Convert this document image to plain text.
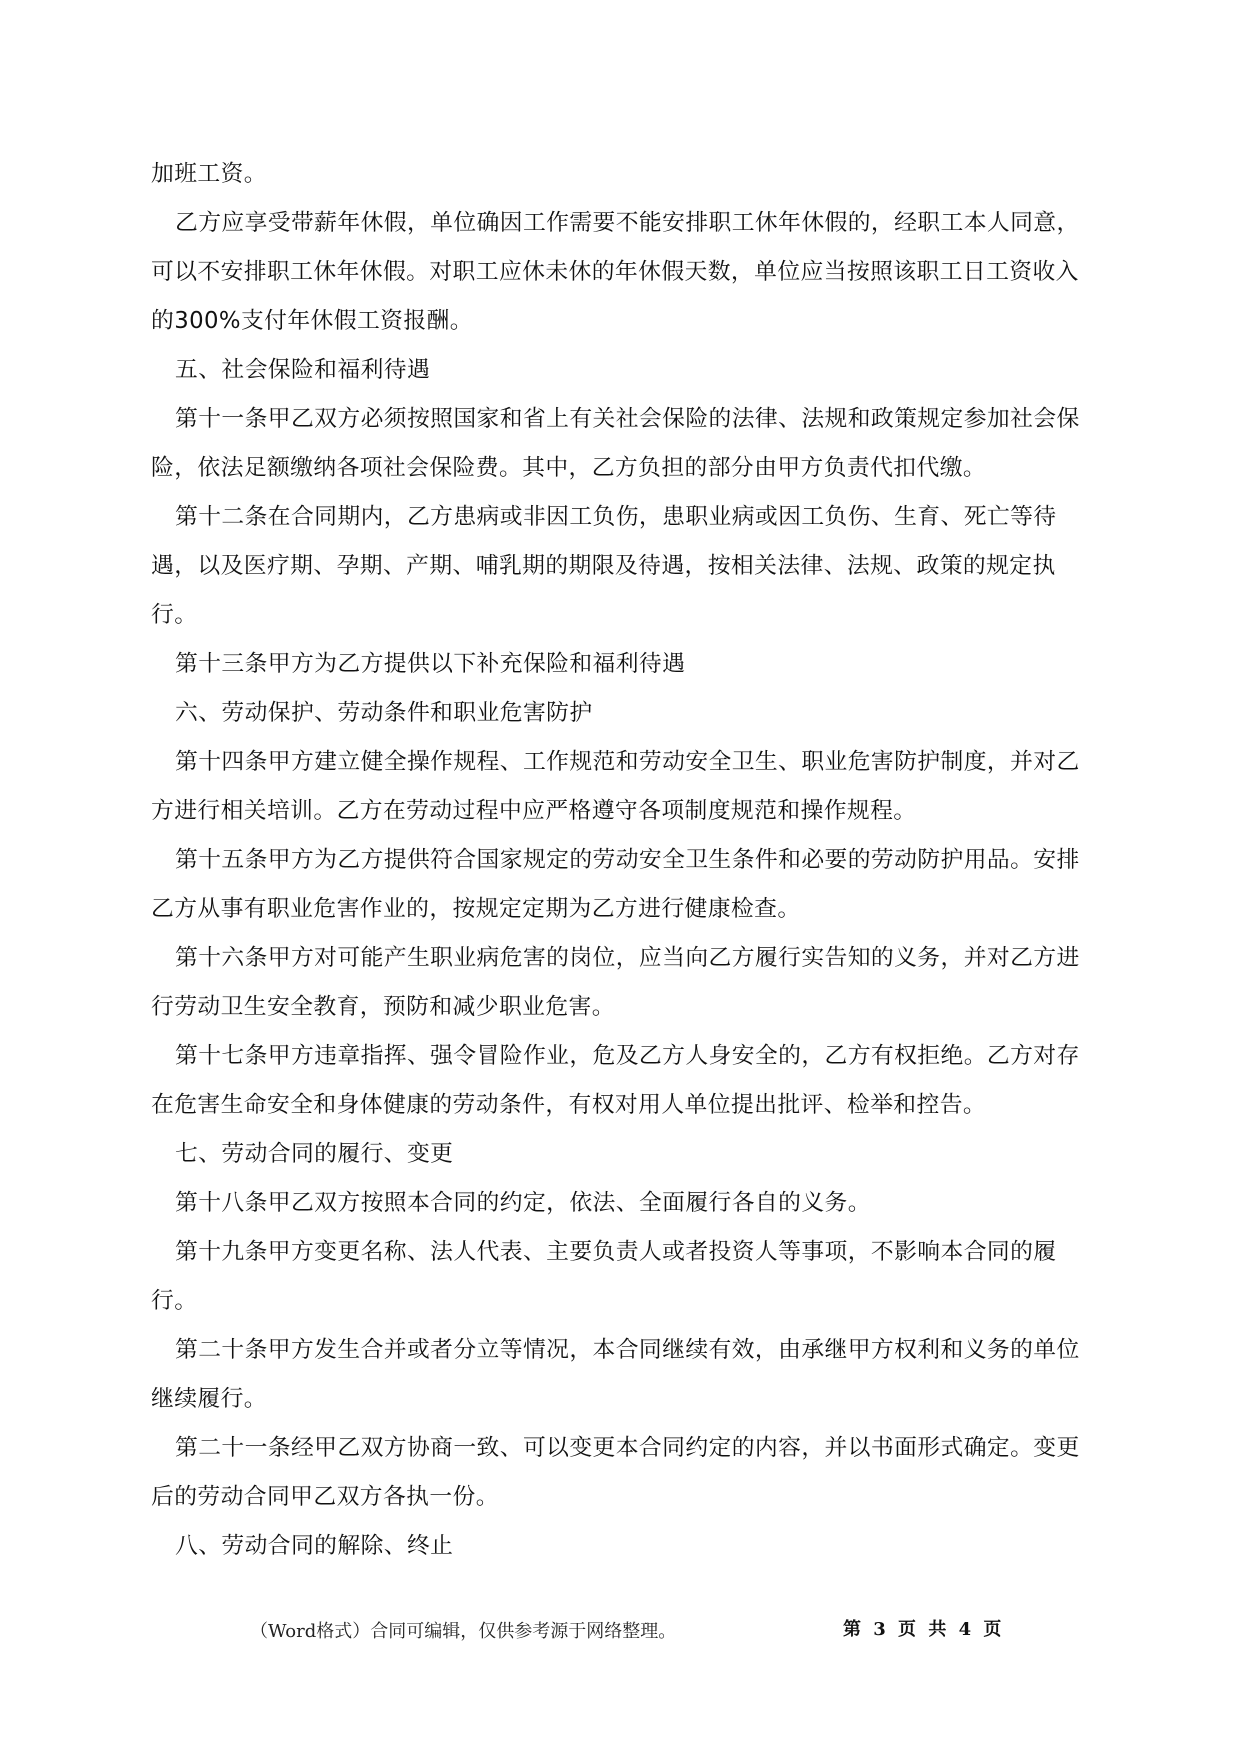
加班工资。

乙方应享受带薪年休假，单位确因工作需要不能安排职工休年休假的，经职工本人同意，可以不安排职工休年休假。对职工应休未休的年休假天数，单位应当按照该职工日工资收入的300%支付年休假工资报酬。

五、社会保险和福利待遇

第十一条甲乙双方必须按照国家和省上有关社会保险的法律、法规和政策规定参加社会保险，依法足额缴纳各项社会保险费。其中，乙方负担的部分由甲方负责代扣代缴。

第十二条在合同期内，乙方患病或非因工负伤，患职业病或因工负伤、生育、死亡等待遇，以及医疗期、孕期、产期、哺乳期的期限及待遇，按相关法律、法规、政策的规定执行。

第十三条甲方为乙方提供以下补充保险和福利待遇

六、劳动保护、劳动条件和职业危害防护

第十四条甲方建立健全操作规程、工作规范和劳动安全卫生、职业危害防护制度，并对乙方进行相关培训。乙方在劳动过程中应严格遵守各项制度规范和操作规程。

第十五条甲方为乙方提供符合国家规定的劳动安全卫生条件和必要的劳动防护用品。安排乙方从事有职业危害作业的，按规定定期为乙方进行健康检查。

第十六条甲方对可能产生职业病危害的岗位，应当向乙方履行实告知的义务，并对乙方进行劳动卫生安全教育，预防和减少职业危害。

第十七条甲方违章指挥、强令冒险作业，危及乙方人身安全的，乙方有权拒绝。乙方对存在危害生命安全和身体健康的劳动条件，有权对用人单位提出批评、检举和控告。

七、劳动合同的履行、变更

第十八条甲乙双方按照本合同的约定，依法、全面履行各自的义务。

第十九条甲方变更名称、法人代表、主要负责人或者投资人等事项，不影响本合同的履行。

第二十条甲方发生合并或者分立等情况，本合同继续有效，由承继甲方权利和义务的单位继续履行。

第二十一条经甲乙双方协商一致、可以变更本合同约定的内容，并以书面形式确定。变更后的劳动合同甲乙双方各执一份。

八、劳动合同的解除、终止

（Word格式）合同可编辑，仅供参考源于网络整理。	第 3 页 共 4 页
